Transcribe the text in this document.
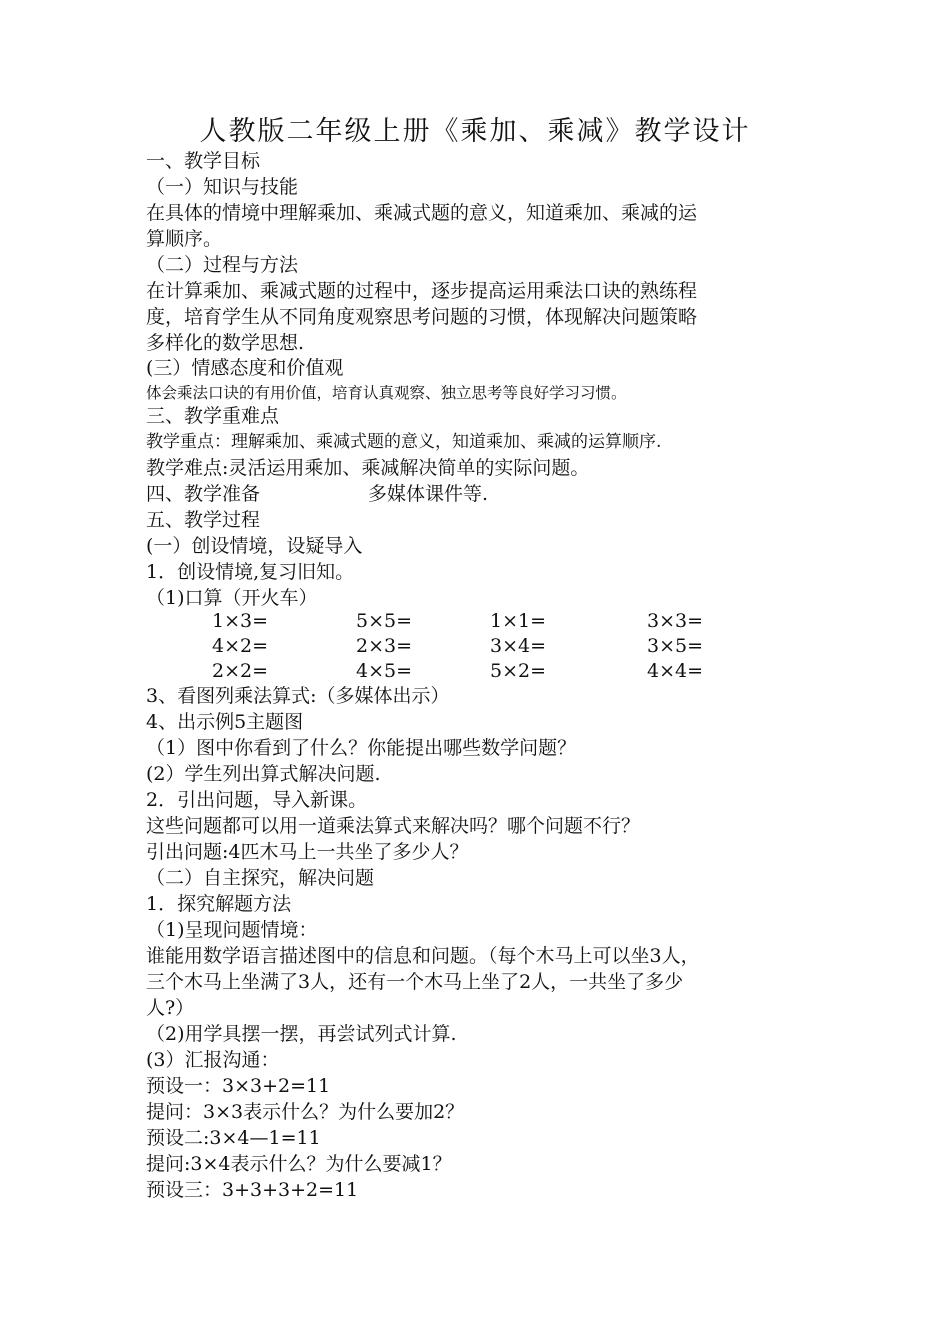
人教版二年级上册《乘加、乘减》教学设计
一、教学目标
（一）知识与技能
在具体的情境中理解乘加、乘减式题的意义，知道乘加、乘减的运
算顺序。
（二）过程与方法
在计算乘加、乘减式题的过程中，逐步提高运用乘法口诀的熟练程
度，培育学生从不同角度观察思考问题的习惯，体现解决问题策略
多样化的数学思想.
(三）情感态度和价值观
体会乘法口诀的有用价值，培育认真观察、独立思考等良好学习习惯。
三、教学重难点
教学重点：理解乘加、乘减式题的意义，知道乘加、乘减的运算顺序.
教学难点:灵活运用乘加、乘减解决简单的实际问题。
四、教学准备	多媒体课件等.
五、教学过程
(一）创设情境，设疑导入
1．创设情境,复习旧知。
（1)口算（开火车）
1×3=	5×5=	1×1=	3×3=
4×2=	2×3=	3×4=	3×5=
2×2=	4×5=	5×2=	4×4=
3、看图列乘法算式:（多媒体出示）
4、出示例5主题图
（1）图中你看到了什么？你能提出哪些数学问题？
(2）学生列出算式解决问题.
2．引出问题，导入新课。
这些问题都可以用一道乘法算式来解决吗？哪个问题不行？
引出问题:4匹木马上一共坐了多少人？
（二）自主探究，解决问题
1．探究解题方法
（1)呈现问题情境：
谁能用数学语言描述图中的信息和问题。（每个木马上可以坐3人，
三个木马上坐满了3人，还有一个木马上坐了2人，一共坐了多少
人?）
（2)用学具摆一摆，再尝试列式计算.
(3）汇报沟通：
预设一：3×3+2=11
提问：3×3表示什么？为什么要加2？
预设二:3×4—1=11
提问:3×4表示什么？为什么要减1？
预设三：3+3+3+2=11
